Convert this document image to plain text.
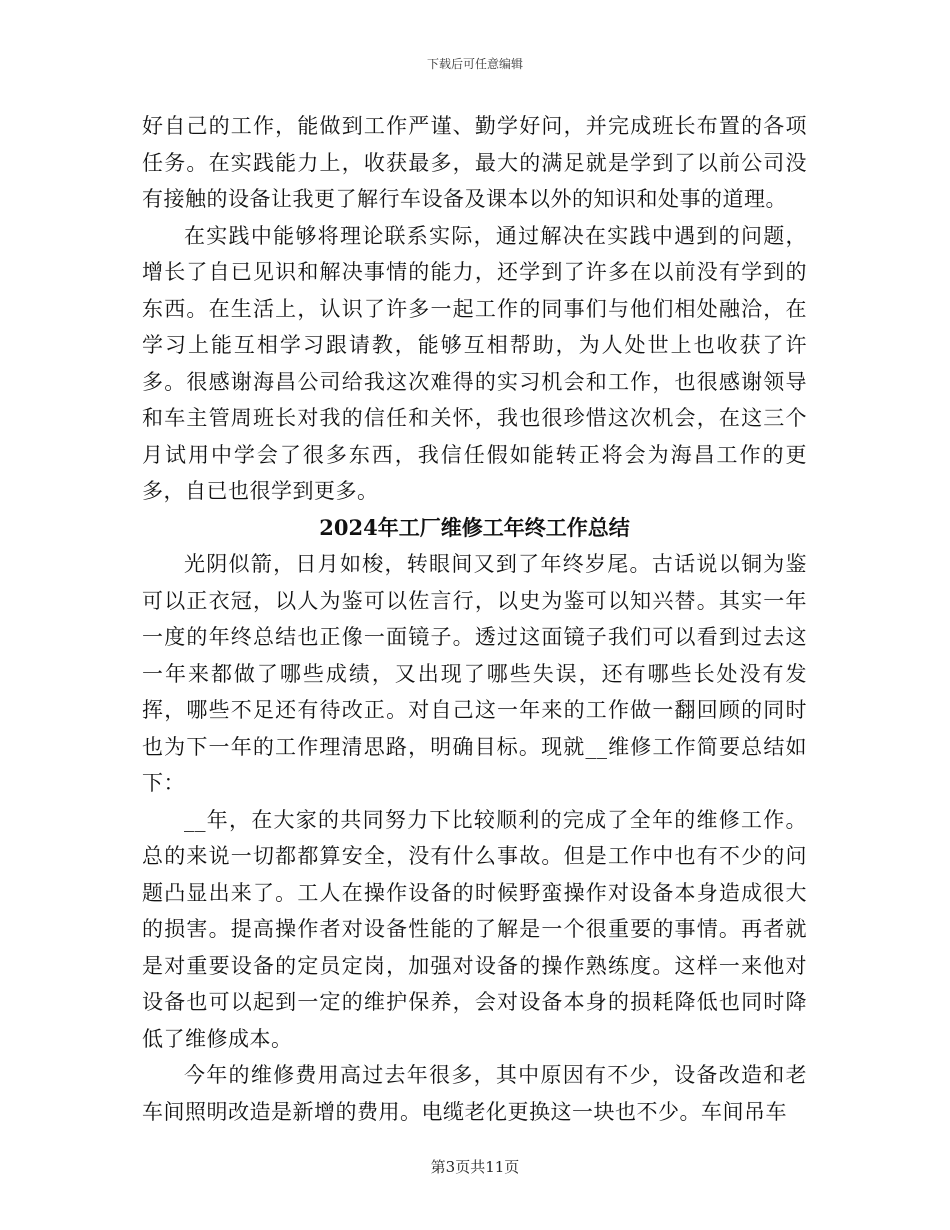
下载后可任意编辑

好自己的工作，能做到工作严谨、勤学好问，并完成班长布置的各项任务。在实践能力上，收获最多，最大的满足就是学到了以前公司没有接触的设备让我更了解行车设备及课本以外的知识和处事的道理。

在实践中能够将理论联系实际，通过解决在实践中遇到的问题，增长了自已见识和解决事情的能力，还学到了许多在以前没有学到的东西。在生活上，认识了许多一起工作的同事们与他们相处融洽，在学习上能互相学习跟请教，能够互相帮助，为人处世上也收获了许多。很感谢海昌公司给我这次难得的实习机会和工作，也很感谢领导和车主管周班长对我的信任和关怀，我也很珍惜这次机会，在这三个月试用中学会了很多东西，我信任假如能转正将会为海昌工作的更多，自已也很学到更多。

2024年工厂维修工年终工作总结

光阴似箭，日月如梭，转眼间又到了年终岁尾。古话说以铜为鉴可以正衣冠，以人为鉴可以佐言行，以史为鉴可以知兴替。其实一年一度的年终总结也正像一面镜子。透过这面镜子我们可以看到过去这一年来都做了哪些成绩，又出现了哪些失误，还有哪些长处没有发挥，哪些不足还有待改正。对自己这一年来的工作做一翻回顾的同时也为下一年的工作理清思路，明确目标。现就__维修工作简要总结如下：

__年，在大家的共同努力下比较顺利的完成了全年的维修工作。总的来说一切都都算安全，没有什么事故。但是工作中也有不少的问题凸显出来了。工人在操作设备的时候野蛮操作对设备本身造成很大的损害。提高操作者对设备性能的了解是一个很重要的事情。再者就是对重要设备的定员定岗，加强对设备的操作熟练度。这样一来他对设备也可以起到一定的维护保养，会对设备本身的损耗降低也同时降低了维修成本。

今年的维修费用高过去年很多，其中原因有不少，设备改造和老车间照明改造是新增的费用。电缆老化更换这一块也不少。车间吊车

第3页共11页
